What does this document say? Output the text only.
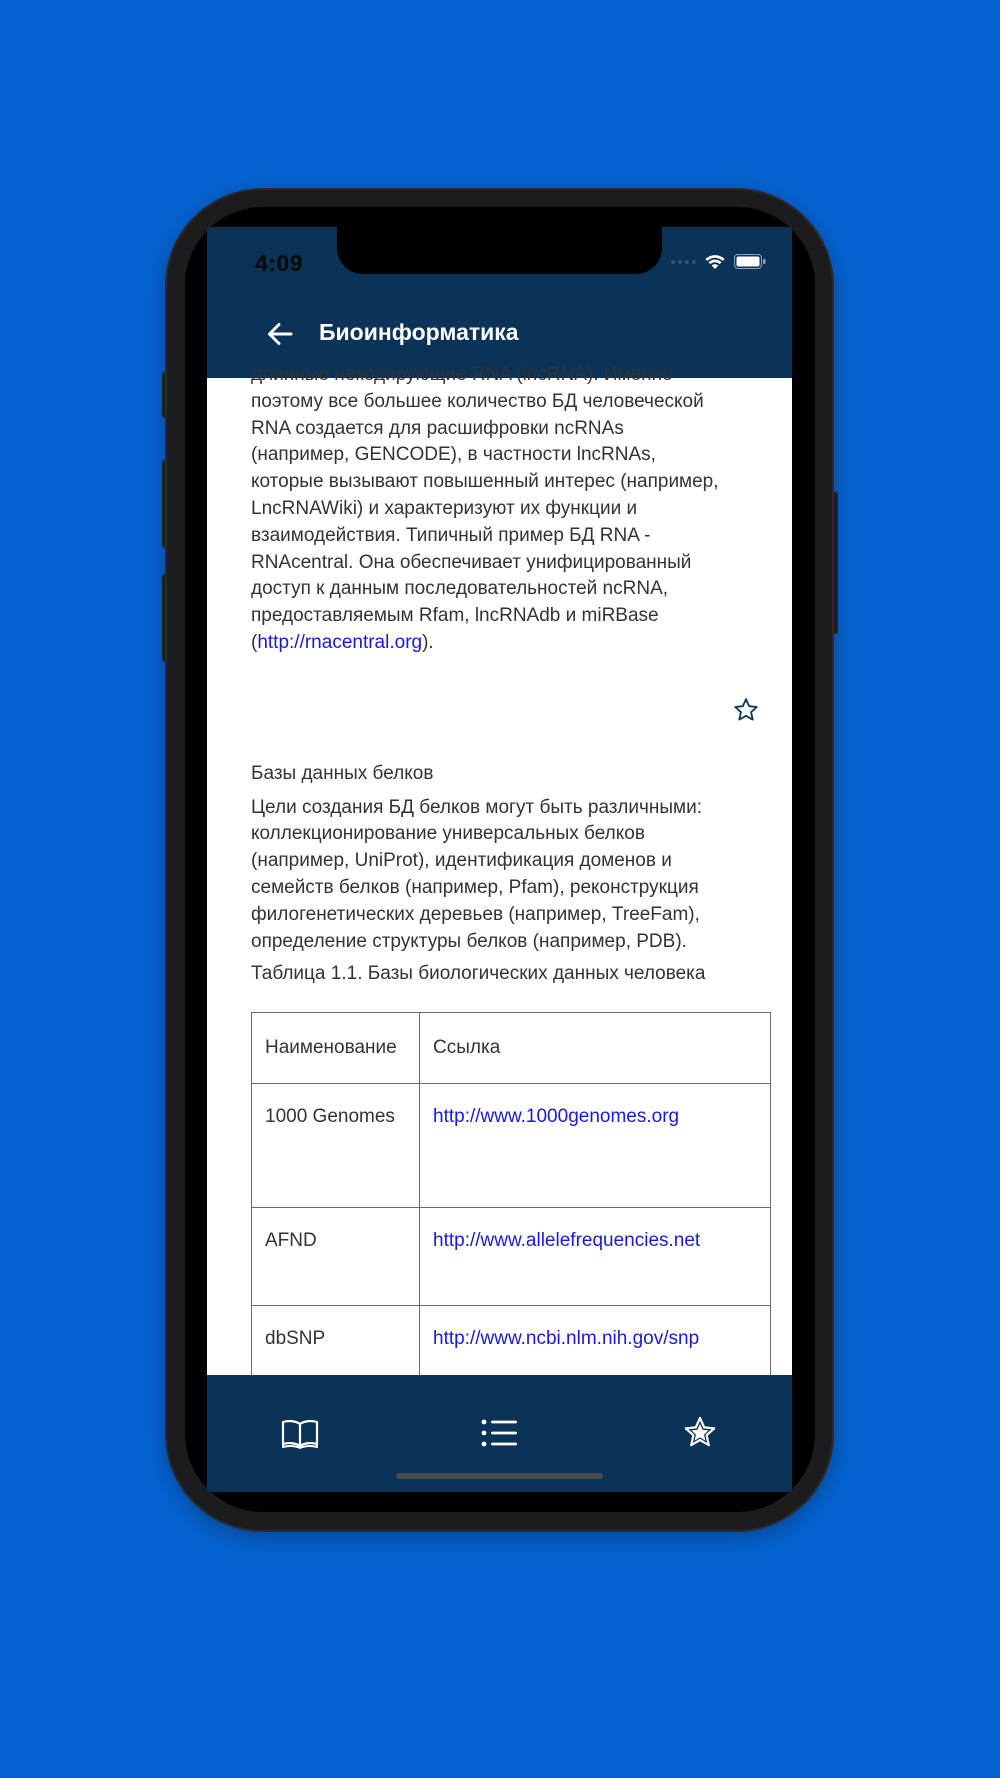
4:09
Биоинформатика

длинные некодирующие RNA (lncRNA). Именно
поэтому все большее количество БД человеческой
RNA создается для расшифровки ncRNAs
(например, GENCODE), в частности lncRNAs,
которые вызывают повышенный интерес (например,
LncRNAWiki) и характеризуют их функции и
взаимодействия. Типичный пример БД RNA -
RNAcentral. Она обеспечивает унифицированный
доступ к данным последовательностей ncRNA,
предоставляемым Rfam, lncRNAdb и miRBase
(http://rnacentral.org).

Базы данных белков

Цели создания БД белков могут быть различными:
коллекционирование универсальных белков
(например, UniProt), идентификация доменов и
семейств белков (например, Pfam), реконструкция
филогенетических деревьев (например, TreeFam),
определение структуры белков (например, PDB).

Таблица 1.1. Базы биологических данных человека
Наименование	Ссылка
1000 Genomes	http://www.1000genomes.org
AFND	http://www.allelefrequencies.net
dbSNP	http://www.ncbi.nlm.nih.gov/snp
